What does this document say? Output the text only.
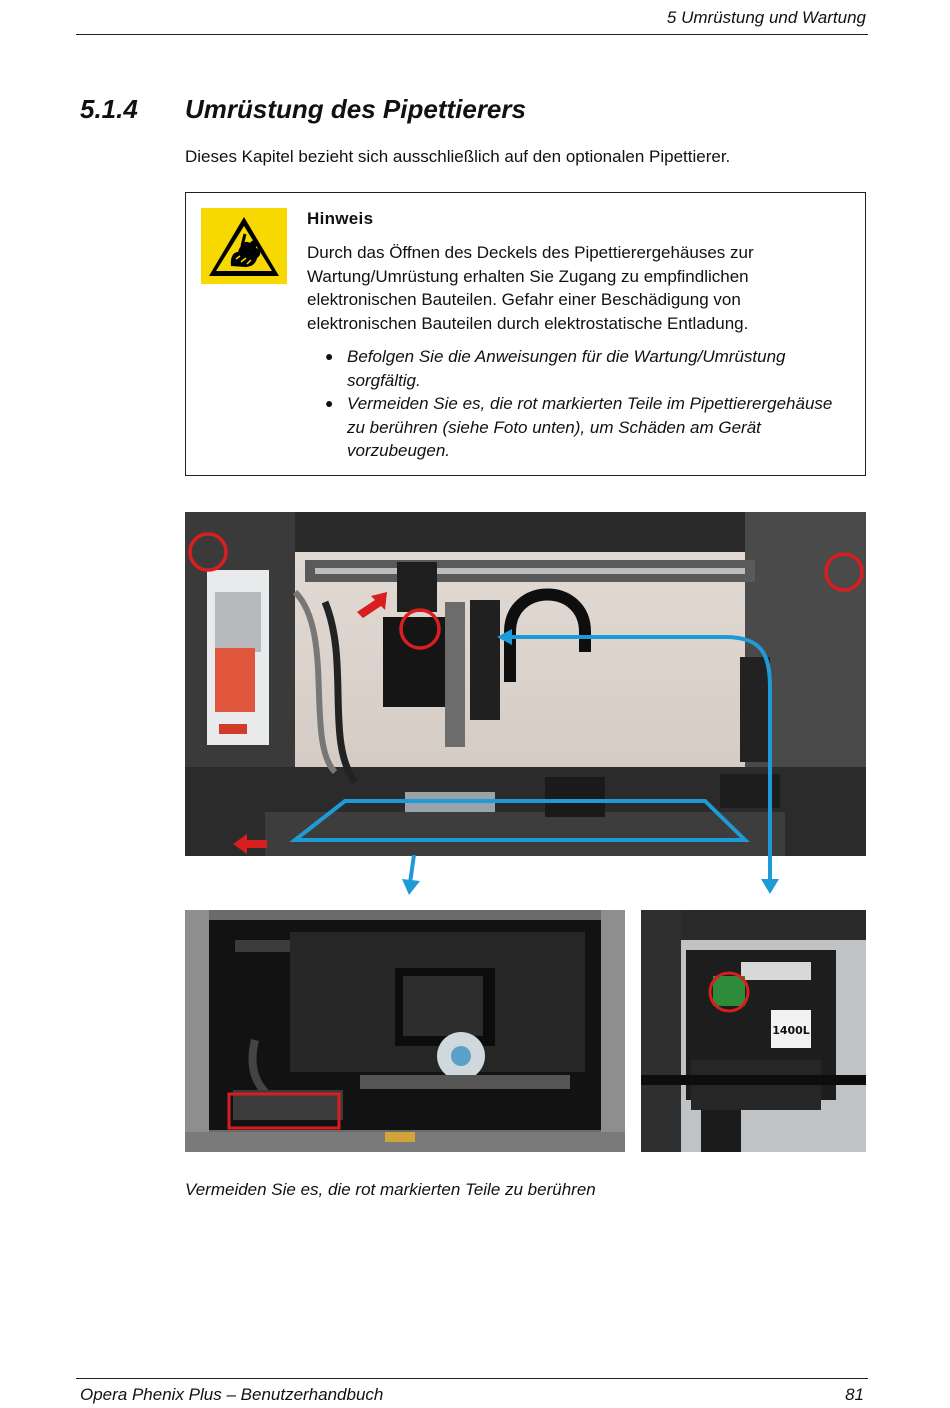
5 Umrüstung und Wartung
5.1.4 Umrüstung des Pipettierers
Dieses Kapitel bezieht sich ausschließlich auf den optionalen Pipettierer.
Hinweis
Durch das Öffnen des Deckels des Pipettierergehäuses zur Wartung/Umrüstung erhalten Sie Zugang zu empfindlichen elektronischen Bauteilen. Gefahr einer Beschädigung von elektronischen Bauteilen durch elektrostatische Entladung.
● Befolgen Sie die Anweisungen für die Wartung/Umrüstung sorgfältig.
● Vermeiden Sie es, die rot markierten Teile im Pipettierergehäuse zu berühren (siehe Foto unten), um Schäden am Gerät vorzubeugen.
1400L
Vermeiden Sie es, die rot markierten Teile zu berühren
Opera Phenix Plus – Benutzerhandbuch	81
